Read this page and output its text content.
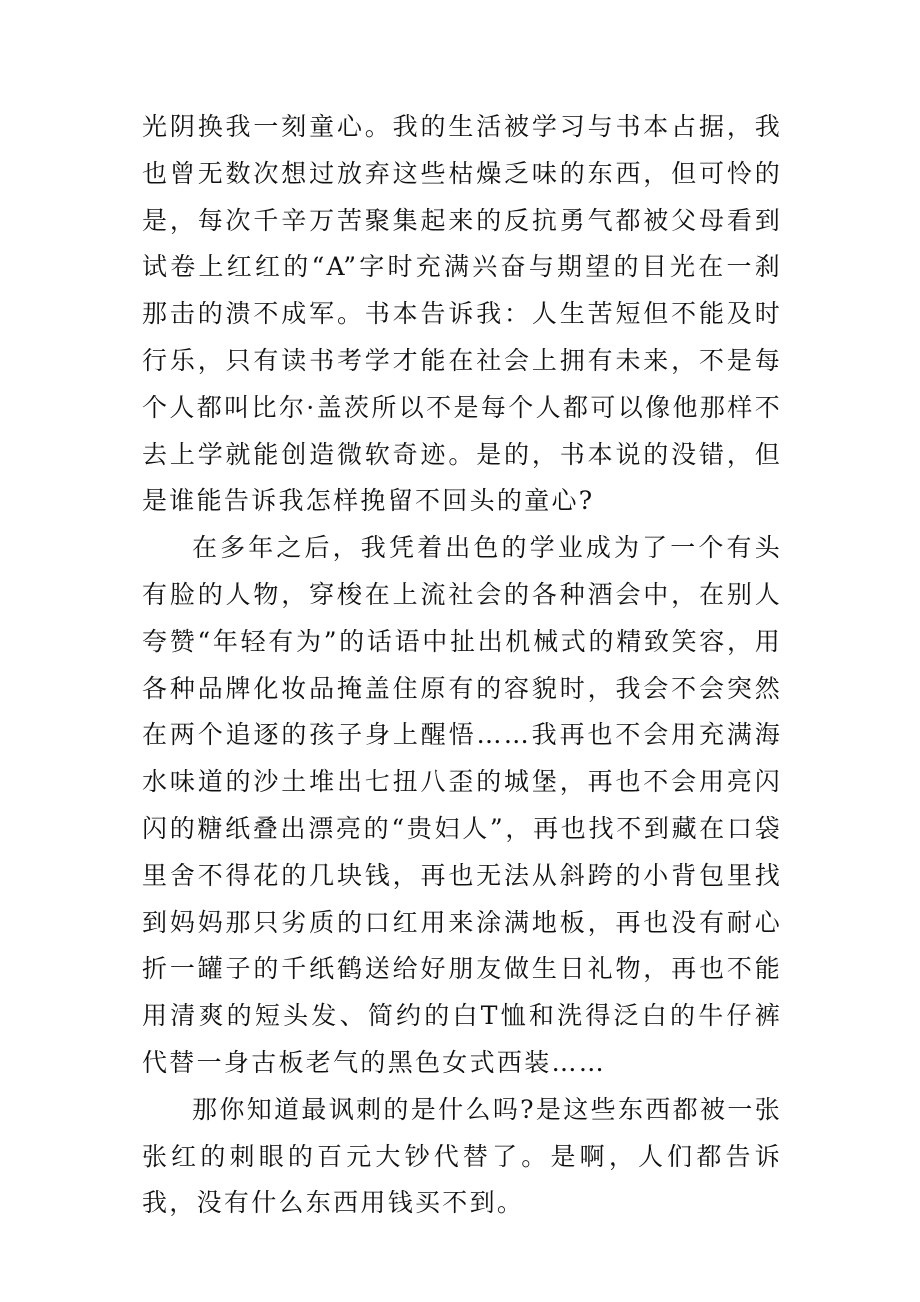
光阴换我一刻童心。我的生活被学习与书本占据，我也曾无数次想过放弃这些枯燥乏味的东西，但可怜的是，每次千辛万苦聚集起来的反抗勇气都被父母看到试卷上红红的“A”字时充满兴奋与期望的目光在一刹那击的溃不成军。书本告诉我：人生苦短但不能及时行乐，只有读书考学才能在社会上拥有未来，不是每个人都叫比尔·盖茨所以不是每个人都可以像他那样不去上学就能创造微软奇迹。是的，书本说的没错，但是谁能告诉我怎样挽留不回头的童心?

在多年之后，我凭着出色的学业成为了一个有头有脸的人物，穿梭在上流社会的各种酒会中，在别人夸赞“年轻有为”的话语中扯出机械式的精致笑容，用各种品牌化妆品掩盖住原有的容貌时，我会不会突然在两个追逐的孩子身上醒悟……我再也不会用充满海水味道的沙土堆出七扭八歪的城堡，再也不会用亮闪闪的糖纸叠出漂亮的“贵妇人”，再也找不到藏在口袋里舍不得花的几块钱，再也无法从斜跨的小背包里找到妈妈那只劣质的口红用来涂满地板，再也没有耐心折一罐子的千纸鹤送给好朋友做生日礼物，再也不能用清爽的短头发、简约的白T恤和洗得泛白的牛仔裤代替一身古板老气的黑色女式西装……

那你知道最讽刺的是什么吗?是这些东西都被一张张红的刺眼的百元大钞代替了。是啊，人们都告诉我，没有什么东西用钱买不到。
